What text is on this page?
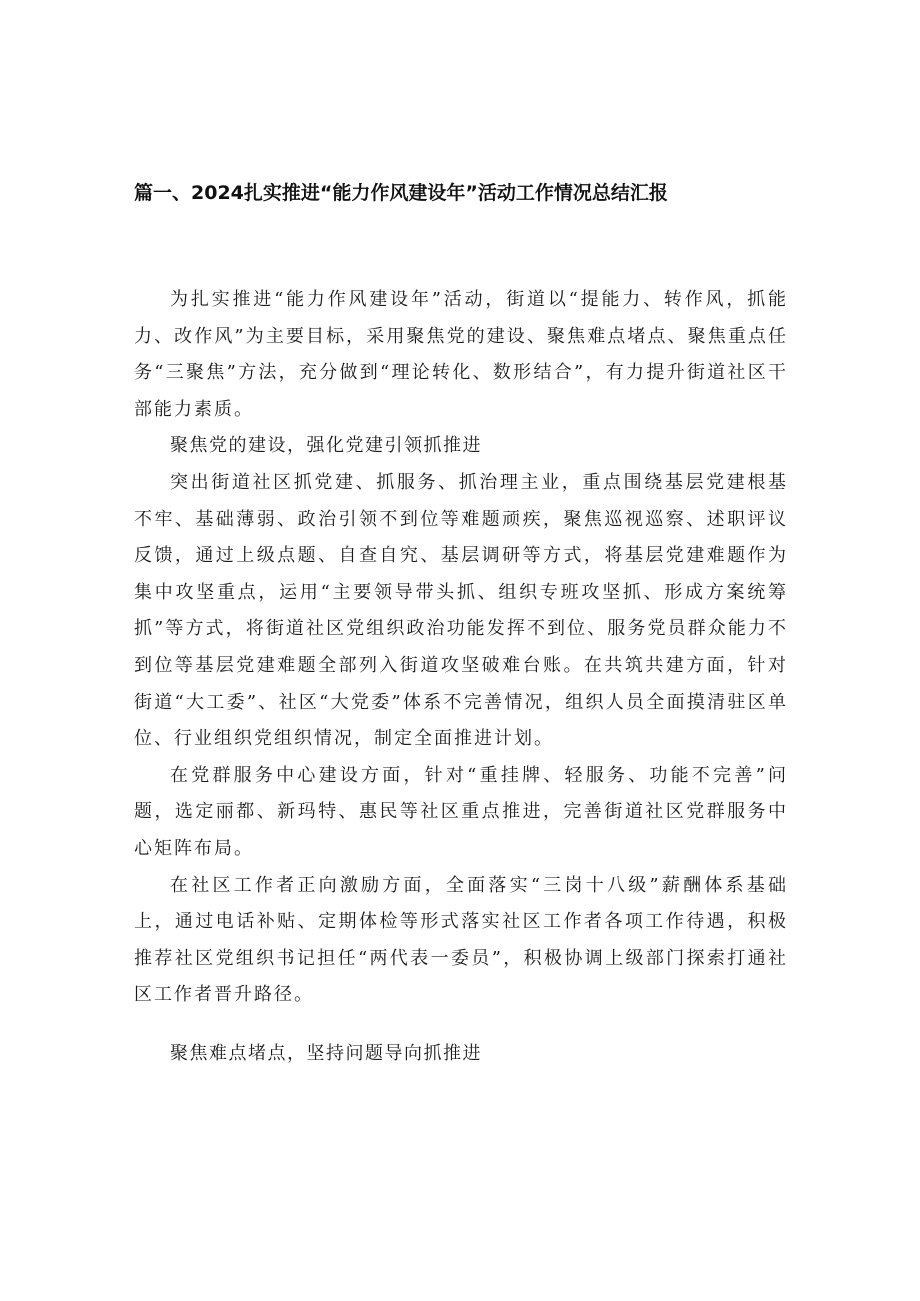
篇一、2024扎实推进“能力作风建设年”活动工作情况总结汇报

为扎实推进“能力作风建设年”活动，街道以“提能力、转作风，抓能力、改作风”为主要目标，采用聚焦党的建设、聚焦难点堵点、聚焦重点任务“三聚焦”方法，充分做到“理论转化、数形结合”，有力提升街道社区干部能力素质。

聚焦党的建设，强化党建引领抓推进

突出街道社区抓党建、抓服务、抓治理主业，重点围绕基层党建根基不牢、基础薄弱、政治引领不到位等难题顽疾，聚焦巡视巡察、述职评议反馈，通过上级点题、自查自究、基层调研等方式，将基层党建难题作为集中攻坚重点，运用“主要领导带头抓、组织专班攻坚抓、形成方案统筹抓”等方式，将街道社区党组织政治功能发挥不到位、服务党员群众能力不到位等基层党建难题全部列入街道攻坚破难台账。在共筑共建方面，针对街道“大工委”、社区“大党委”体系不完善情况，组织人员全面摸清驻区单位、行业组织党组织情况，制定全面推进计划。

在党群服务中心建设方面，针对“重挂牌、轻服务、功能不完善”问题，选定丽都、新玛特、惠民等社区重点推进，完善街道社区党群服务中心矩阵布局。

在社区工作者正向激励方面，全面落实“三岗十八级”薪酬体系基础上，通过电话补贴、定期体检等形式落实社区工作者各项工作待遇，积极推荐社区党组织书记担任“两代表一委员”，积极协调上级部门探索打通社区工作者晋升路径。

聚焦难点堵点，坚持问题导向抓推进
